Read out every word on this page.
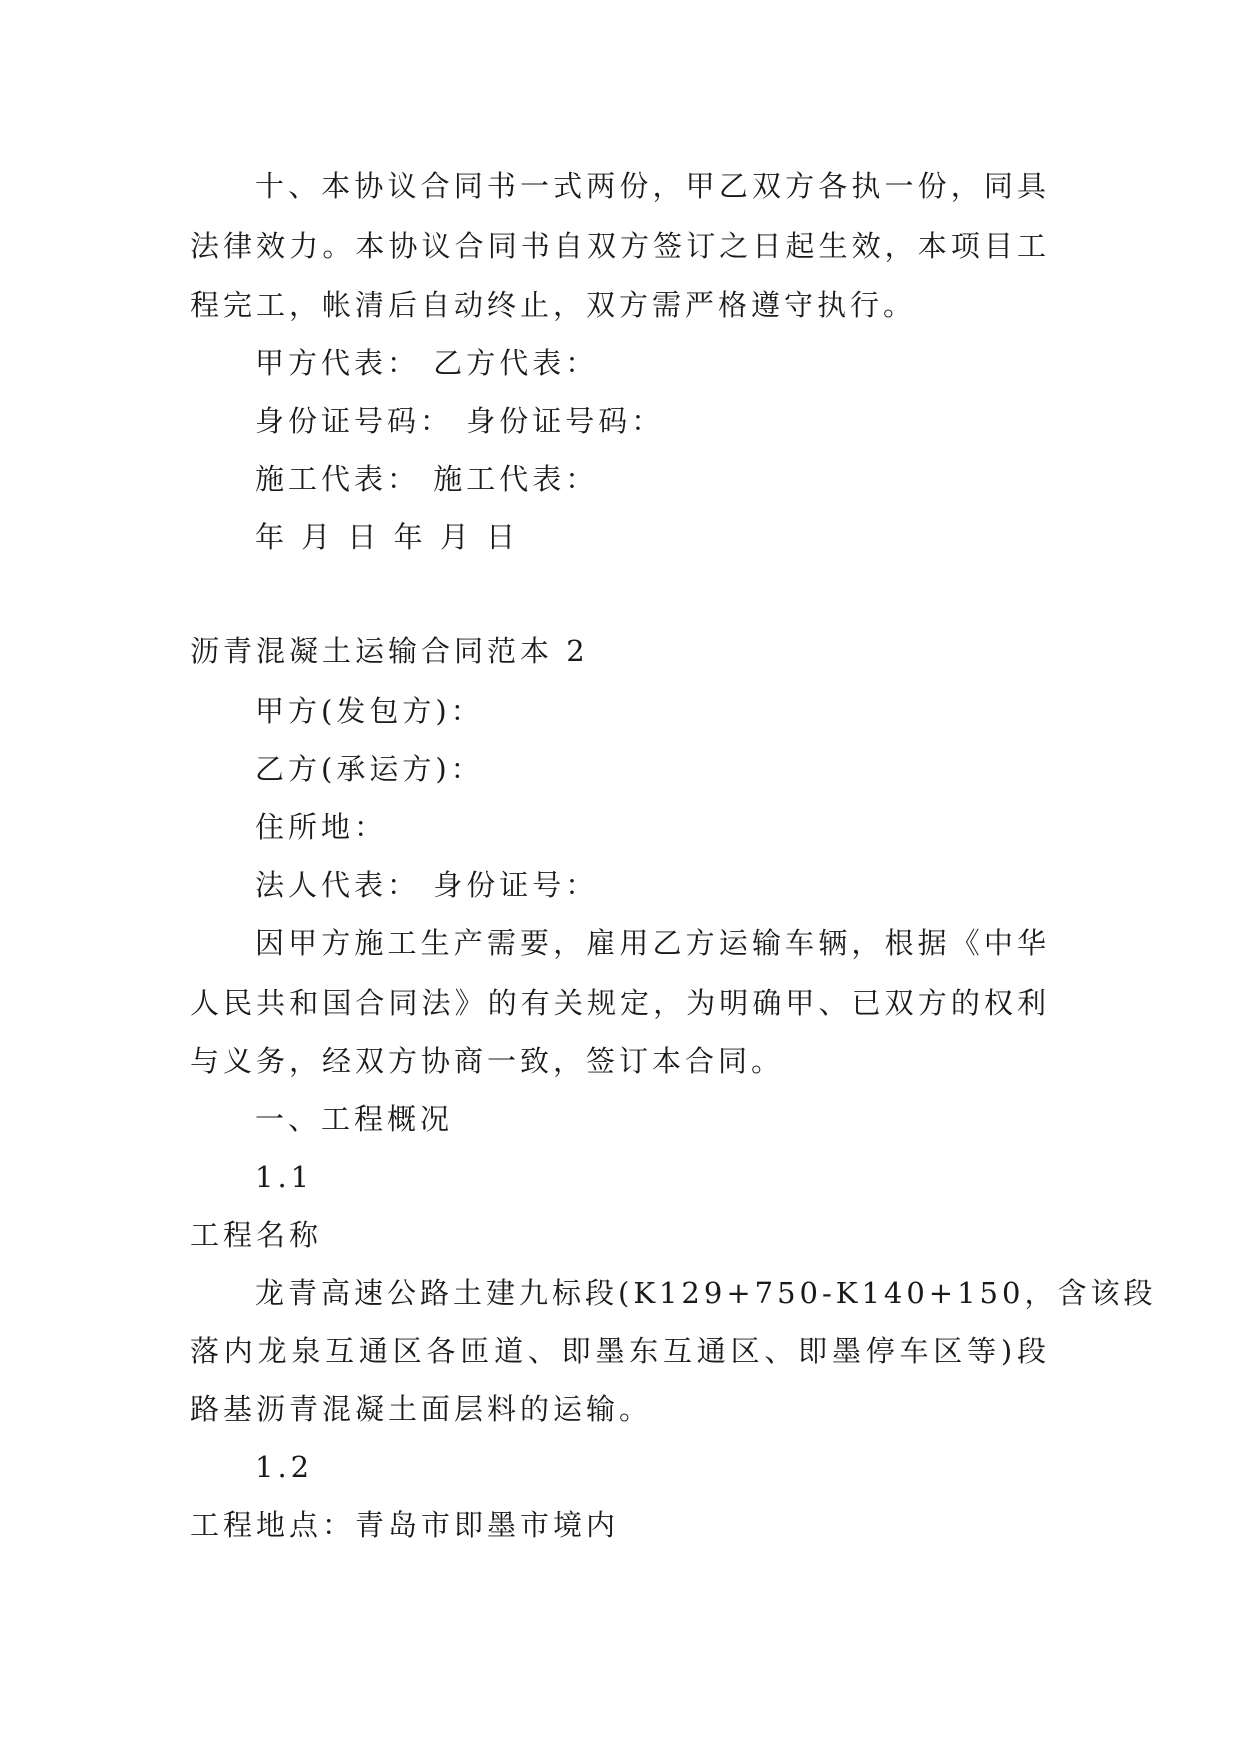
十、本协议合同书一式两份，甲乙双方各执一份，同具
法律效力。本协议合同书自双方签订之日起生效，本项目工
程完工，帐清后自动终止，双方需严格遵守执行。
甲方代表： 乙方代表：
身份证号码： 身份证号码：
施工代表： 施工代表：
年 月 日 年 月 日
沥青混凝土运输合同范本 2
甲方(发包方)：
乙方(承运方)：
住所地：
法人代表： 身份证号：
因甲方施工生产需要，雇用乙方运输车辆，根据《中华
人民共和国合同法》的有关规定，为明确甲、已双方的权利
与义务，经双方协商一致，签订本合同。
一、工程概况
1.1
工程名称
龙青高速公路土建九标段(K129+750-K140+150，含该段
落内龙泉互通区各匝道、即墨东互通区、即墨停车区等)段
路基沥青混凝土面层料的运输。
1.2
工程地点：青岛市即墨市境内
